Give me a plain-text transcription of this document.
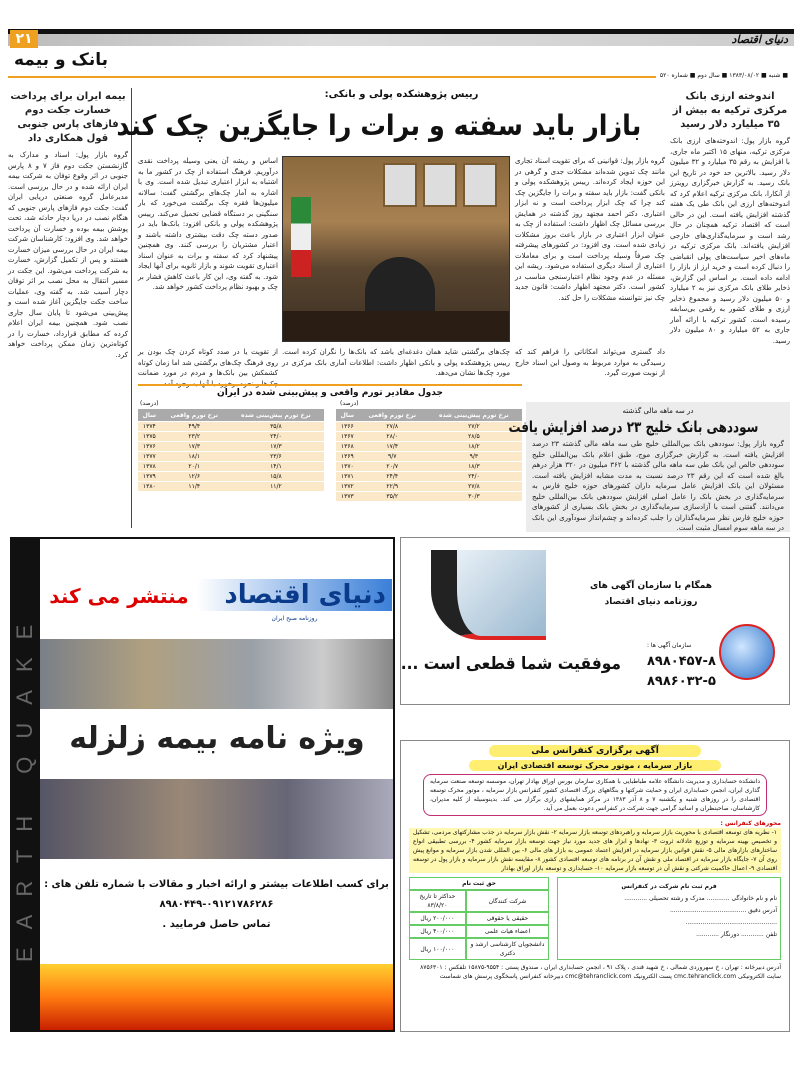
۲۱	دنیای اقتصاد
بانک و بیمه
■ شنبه ■ ۱۳۸۳/۰۸/۰۲ ■ سال دوم ■ شماره ۵۲۰
اندوخته ارزی بانک مرکزی ترکیه به بیش از ۳۵ میلیارد دلار رسید
گروه بازار پول: اندوخته‌های ارزی بانک مرکزی ترکیه، منهای ۱۵ اکتبر ماه جاری، با افزایش به رقم ۳۵ میلیارد و ۳۲ میلیون دلار رسید. بالاترین حد خود در تاریخ این بانک رسید. به گزارش خبرگزاری رویترز از آنکارا، بانک مرکزی ترکیه اعلام کرد که اندوخته‌های ارزی این بانک طی یک هفته گذشته افزایش یافته است. این در حالی است که اقتصاد ترکیه همچنان در حال رشد است و سرمایه‌گذاری‌های خارجی افزایش یافته‌اند. بانک مرکزی ترکیه در ماه‌های اخیر سیاست‌های پولی انقباضی را دنبال کرده است و خرید ارز از بازار را ادامه داده است. بر اساس این گزارش، ذخایر طلای بانک مرکزی نیز به ۲ میلیارد و ۵۰ میلیون دلار رسید و مجموع ذخایر ارزی و طلای کشور به رقمی بی‌سابقه رسیده است. کشور ترکیه با ارائه آمار جاری به ۵۲ میلیارد و ۸۰ میلیون دلار رسید.
بیمه ایران برای پرداخت خسارت جکت دوم فازهای پارس جنوبی قول همکاری داد
گروه بازار پول: اسناد و مدارک به گازنشستن جکت دوم فاز ۷ و ۸ پارس جنوبی در اثر وقوع توفان به شرکت بیمه ایران ارائه شده و در حال بررسی است. مدیرعامل گروه صنعتی دریایی ایران گفت: جکت دوم فازهای پارس جنوبی که هنگام نصب در دریا دچار حادثه شد، تحت پوشش بیمه بوده و خسارت آن پرداخت خواهد شد. وی افزود: کارشناسان شرکت بیمه ایران در حال بررسی میزان خسارت هستند و پس از تکمیل گزارش، خسارت به شرکت پرداخت می‌شود. این جکت در مسیر انتقال به محل نصب بر اثر توفان دچار آسیب شد. به گفته وی، عملیات ساخت جکت جایگزین آغاز شده است و پیش‌بینی می‌شود تا پایان سال جاری نصب شود. همچنین بیمه ایران اعلام کرده که مطابق قرارداد، خسارت را در کوتاه‌ترین زمان ممکن پرداخت خواهد کرد.
رییس پژوهشکده پولی و بانکی:
بازار باید سفته و برات را جایگزین چک کند
گروه بازار پول: قوانینی که برای تقویت اسناد تجاری مانند چک تدوین شده‌اند مشکلات جدی و گرهی در این حوزه ایجاد کرده‌اند. رییس پژوهشکده پولی و بانکی گفت: بازار باید سفته و برات را جایگزین چک کند چرا که چک ابزار پرداخت است و نه ابزار اعتباری. دکتر احمد مجتهد روز گذشته در همایش بررسی مسائل چک اظهار داشت: استفاده از چک به عنوان ابزار اعتباری در بازار باعث بروز مشکلات زیادی شده است. وی افزود: در کشورهای پیشرفته چک صرفاً وسیله پرداخت است و برای معاملات اعتباری از اسناد دیگری استفاده می‌شود. ریشه این مسئله در عدم وجود نظام اعتبارسنجی مناسب در کشور است. دکتر مجتهد اظهار داشت: قانون جدید چک نیز نتوانسته مشکلات را حل کند.
اساس و ریشه آن یعنی وسیله پرداخت نقدی درآوریم. فرهنگ استفاده از چک در کشور ما به اشتباه به ابزار اعتباری تبدیل شده است. وی با اشاره به آمار چک‌های برگشتی گفت: سالانه میلیون‌ها فقره چک برگشت می‌خورد که بار سنگینی بر دستگاه قضایی تحمیل می‌کند. رییس پژوهشکده پولی و بانکی افزود: بانک‌ها باید در صدور دسته چک دقت بیشتری داشته باشند و اعتبار مشتریان را بررسی کنند. وی همچنین پیشنهاد کرد که سفته و برات به عنوان اسناد اعتباری تقویت شوند و بازار ثانویه برای آنها ایجاد شود. به گفته وی، این کار باعث کاهش فشار بر چک و بهبود نظام پرداخت کشور خواهد شد.
از تقویت یا در صدد کوتاه کردن چک بودن بر روی فرهنگ چک‌های برگشتی شد اما زمان کوتاه کشمکش بین بانک‌ها و مردم در مورد ضمانت
چک‌های برگشتی شاید همان دغدغه‌ای باشد که بانک‌ها را نگران کرده است. رییس پژوهشکده پولی و بانکی اظهار داشت: اطلاعات آماری بانک مرکزی در مورد چک‌ها نشان می‌دهد.
داد گستری می‌تواند امکاناتی را فراهم کند که رسیدگی به موارد مربوط به وصول این اسناد خارج از نوبت صورت گیرد.
جدول مقادیر تورم واقعی و پیش‌بینی شده در ایران
(درصد)
(درصد)
نرخ تورم پیش‌بینی شده	نرخ تورم واقعی	سال
۲۷/۲	۲۷/۸	۱۳۶۶
۲۸/۵	۲۸/۰	۱۳۶۷
۱۸/۲	۱۷/۴	۱۳۶۸
۹/۳	۹/۷	۱۳۶۹
۱۸/۳	۲۰/۷	۱۳۷۰
۲۴/۰	۲۴/۴	۱۳۷۱
۲۷/۸	۲۲/۹	۱۳۷۲
۳۰/۳	۳۵/۲	۱۳۷۳
نرخ تورم پیش‌بینی شده	نرخ تورم واقعی	سال
۳۵/۸	۴۹/۴	۱۳۷۴
۲۴/۰	۲۳/۲	۱۳۷۵
۱۷/۳	۱۷/۳	۱۳۷۶
۲۳/۶	۱۸/۱	۱۳۷۷
۱۴/۱	۲۰/۱	۱۳۷۸
۱۵/۸	۱۲/۶	۱۳۷۹
۱۱/۲	۱۱/۴	۱۳۸۰
در سه ماهه مالی گذشته
سوددهی بانک خلیج ۲۳ درصد افزایش یافت
گروه بازار پول: سوددهی بانک بین‌المللی خلیج طی سه ماهه مالی گذشته ۲۳ درصد افزایش یافته است. به گزارش خبرگزاری موج، طبق اعلام بانک بین‌المللی خلیج سوددهی خالص این بانک طی سه ماهه مالی گذشته با ۳۶۲ میلیون در ۳۲۰ هزار درهم بالغ شده است که این رقم ۲۳ درصد نسبت به مدت مشابه افزایش یافته است. مسئولان این بانک افزایش عامل سرمایه داران کشورهای حوزه خلیج فارس به سرمایه‌گذاری در بخش بانک را عامل اصلی افزایش سوددهی بانک بین‌المللی خلیج می‌دانند. گفتنی است با آزادسازی سرمایه‌گذاری در بخش بانک بسیاری از کشورهای حوزه خلیج فارس نظر سرمایه‌گذاران را جلب کرده‌اند و چشم‌انداز سودآوری این بانک در سه ماهه سوم امسال مثبت است.
EARTH QUAKE
دنیای اقتصاد
روزنامه صبح ایران
منتشر می کند
ویژه نامه بیمه زلزله
برای کسب اطلاعات بیشتر و ارائه اخبار و مقالات با شماره تلفن های :
۸۹۸۰۴۴۹-۰۹۱۲۱۷۸۶۲۸۶
تماس حاصل فرمایید .
همگام با سازمان آگهی های
روزنامه دنیای اقتصاد
سازمان آگهی ها :
۸۹۸۰۴۵۷-۸
۸۹۸۶۰۳۲-۵
موفقیت شما قطعی است ...
آگهی برگزاری کنفرانس ملی
بازار سرمایه ، موتور محرک توسعه اقتصادی ایران
دانشکده حسابداری و مدیریت دانشگاه علامه طباطبایی با همکاری سازمان بورس اوراق بهادار تهران، موسسه توسعه صنعت سرمایه گذاری ایران، انجمن حسابداری ایران و حمایت شرکتها و بنگاههای بزرگ اقتصادی کشور کنفرانس بازار سرمایه ، موتور محرک توسعه اقتصادی را در روزهای شنبه و یکشنبه ۷ و ۸ آذر ۱۳۸۳ در مرکز همایشهای رازی برگزار می کند. بدینوسیله از کلیه مدیران، کارشناسان، صاحبنظران و اساتید گرامی جهت شرکت در کنفرانس دعوت بعمل می آید.
محورهای کنفرانس :
۱- نظریه های توسعه اقتصادی با محوریت بازار سرمایه و راهبردهای توسعه بازار سرمایه ۲- نقش بازار سرمایه در جذب مشارکتهای مردمی، تشکیل و تخصیص بهینه سرمایه و توزیع عادلانه ثروت ۳- نهادها و ابزار های جدید مورد نیاز جهت توسعه بازار سرمایه کشور ۴- بررسی تطبیقی انواع ساختارهای بازارهای مالی ۵- نقش قوانین بازار سرمایه در افزایش اعتماد عمومی به بازار های مالی ۶- بین المللی شدن بازار سرمایه و موانع پیش روی آن ۷- جایگاه بازار سرمایه در اقتصاد ملی و نقش آن در برنامه های توسعه اقتصادی کشور ۸- مقایسه نقش بازار سرمایه و بازار پول در توسعه اقتصادی ۹- اعمال حاکمیت شرکتی و نقش آن در توسعه بازار سرمایه ۱۰- حسابداری و توسعه بازار اوراق بهادار
فرم ثبت نام شرکت در کنفرانس
نام و نام خانوادگی ............ مدرک و رشته تحصیلی ............
آدرس دقیق ........................................
................................................
تلفن ............ دورنگار ............
حق ثبت نام	
شرکت کنندگان	حداکثر تا تاریخ ۸۳/۸/۲۰
حقیقی یا حقوقی	۲۰۰/۰۰۰ ریال
اعضاء هیات علمی	۴۰۰/۰۰۰ ریال
دانشجویان کارشناسی ارشد و دکتری	۱۰۰/۰۰۰ ریال
آدرس دبیرخانه : تهران ، خ سهروردی شمالی ، خ شهید قندی ، پلاک ۹۱ ، انجمن حسابداری ایران ، صندوق پستی : ۹۵۵۴-۱۵۸۷۵ تلفکس : ۸۷۵۶۳۰۱
سایت الکترونیکی cmc.tehranclick.com پست الکترونیک cmc@tehranclick.com دبیرخانه کنفرانس پاسخگوی پرسش های شماست
